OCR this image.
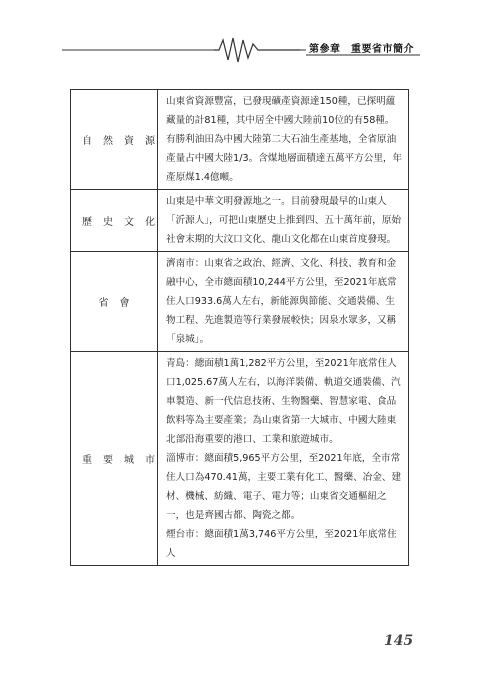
第參章　重要省市簡介
自然資源	山東省資源豐富，已發現礦產資源達150種，已探明蘊藏量的計81種，其中居全中國大陸前10位的有58種。有勝利油田為中國大陸第二大石油生產基地，全省原油產量占中國大陸1/3。含煤地層面積達五萬平方公里，年產原煤1.4億噸。

歷史文化	山東是中華文明發源地之一。目前發現最早的山東人「沂源人」，可把山東歷史上推到四、五十萬年前，原始社會末期的大汶口文化、龍山文化都在山東首度發現。

省會	濟南市：山東省之政治、經濟、文化、科技、教育和金融中心，全市總面積10,244平方公里，至2021年底常住人口933.6萬人左右，新能源與節能、交通裝備、生物工程、先進製造等行業發展較快；因泉水眾多，又稱「泉城」。

重要城市	青島：總面積1萬1,282平方公里，至2021年底常住人口1,025.67萬人左右，以海洋裝備、軌道交通裝備、汽車製造、新一代信息技術、生物醫藥、智慧家電、食品飲料等為主要產業；為山東省第一大城市、中國大陸東北部沿海重要的港口、工業和旅遊城市。

淄博市：總面積5,965平方公里，至2021年底，全市常住人口為470.41萬，主要工業有化工、醫藥、冶金、建材、機械、紡織、電子、電力等；山東省交通樞紐之一，也是齊國古都、陶瓷之都。

煙台市：總面積1萬3,746平方公里，至2021年底常住人

145
